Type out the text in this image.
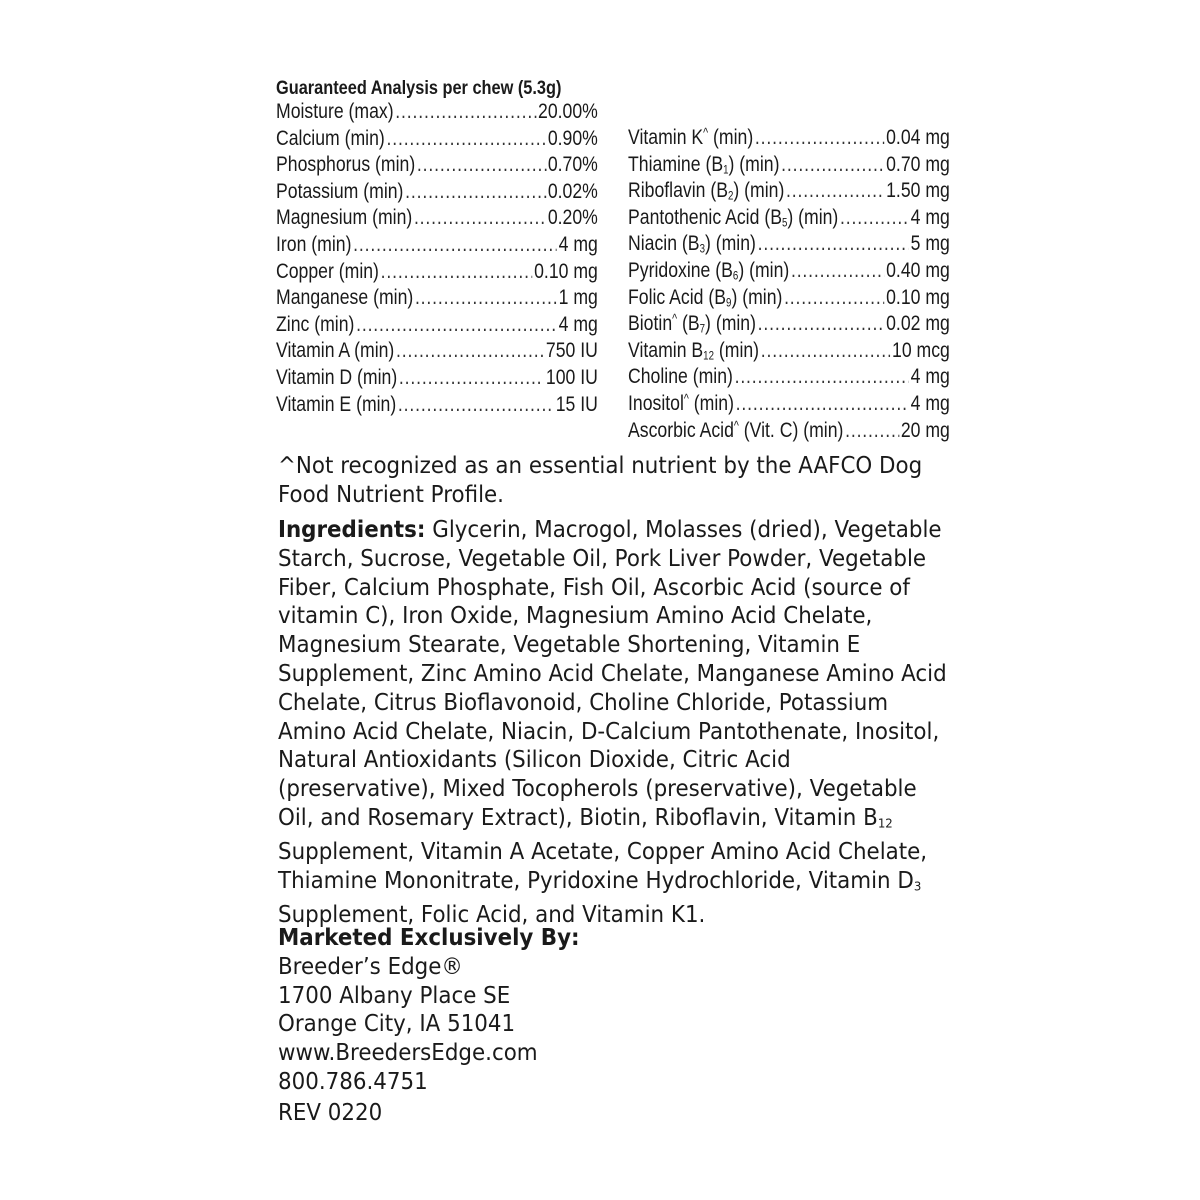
Guaranteed Analysis per chew (5.3g)
Moisture (max) .....	20.00%
Calcium (min) .....	0.90%
Phosphorus (min) .....	0.70%
Potassium (min) .....	0.02%
Magnesium (min) .....	0.20%
Iron (min) .....	4 mg
Copper (min) .....	0.10 mg
Manganese (min) .....	1 mg
Zinc (min) .....	4 mg
Vitamin A (min) .....	750 IU
Vitamin D (min) .....	100 IU
Vitamin E (min) .....	15 IU
Vitamin K^ (min) .....	0.04 mg
Thiamine $(B_1)$ (min) .....	0.70 mg
Riboflavin $(B_2)$ (min) .....	1.50 mg
Pantothenic Acid $(B_5)$ (min) .....	4 mg
Niacin $(B_3)$ (min) .....	5 mg
Pyridoxine $(B_6)$ (min) .....	0.40 mg
Folic Acid $(B_9)$ (min) .....	0.10 mg
Biotin^ $(B_7)$ (min) .....	0.02 mg
Vitamin $B_{12}$ (min) .....	10 mcg
Choline (min) .....	4 mg
Inositol^ (min) .....	4 mg
Ascorbic Acid^ (Vit. C) (min) .....	20 mg
^Not recognized as an essential nutrient by the AAFCO Dog Food Nutrient Profile.
Ingredients: Glycerin, Macrogol, Molasses (dried), Vegetable Starch, Sucrose, Vegetable Oil, Pork Liver Powder, Vegetable Fiber, Calcium Phosphate, Fish Oil, Ascorbic Acid (source of vitamin C), Iron Oxide, Magnesium Amino Acid Chelate, Magnesium Stearate, Vegetable Shortening, Vitamin E Supplement, Zinc Amino Acid Chelate, Manganese Amino Acid Chelate, Citrus Bioflavonoid, Choline Chloride, Potassium Amino Acid Chelate, Niacin, D-Calcium Pantothenate, Inositol, Natural Antioxidants (Silicon Dioxide, Citric Acid (preservative), Mixed Tocopherols (preservative), Vegetable Oil, and Rosemary Extract), Biotin, Riboflavin, Vitamin $B_{12}$ Supplement, Vitamin A Acetate, Copper Amino Acid Chelate, Thiamine Mononitrate, Pyridoxine Hydrochloride, Vitamin $D_3$ Supplement, Folic Acid, and Vitamin K1.
Marketed Exclusively By:
Breeder’s Edge®
1700 Albany Place SE
Orange City, IA 51041
www.BreedersEdge.com
800.786.4751
REV 0220
